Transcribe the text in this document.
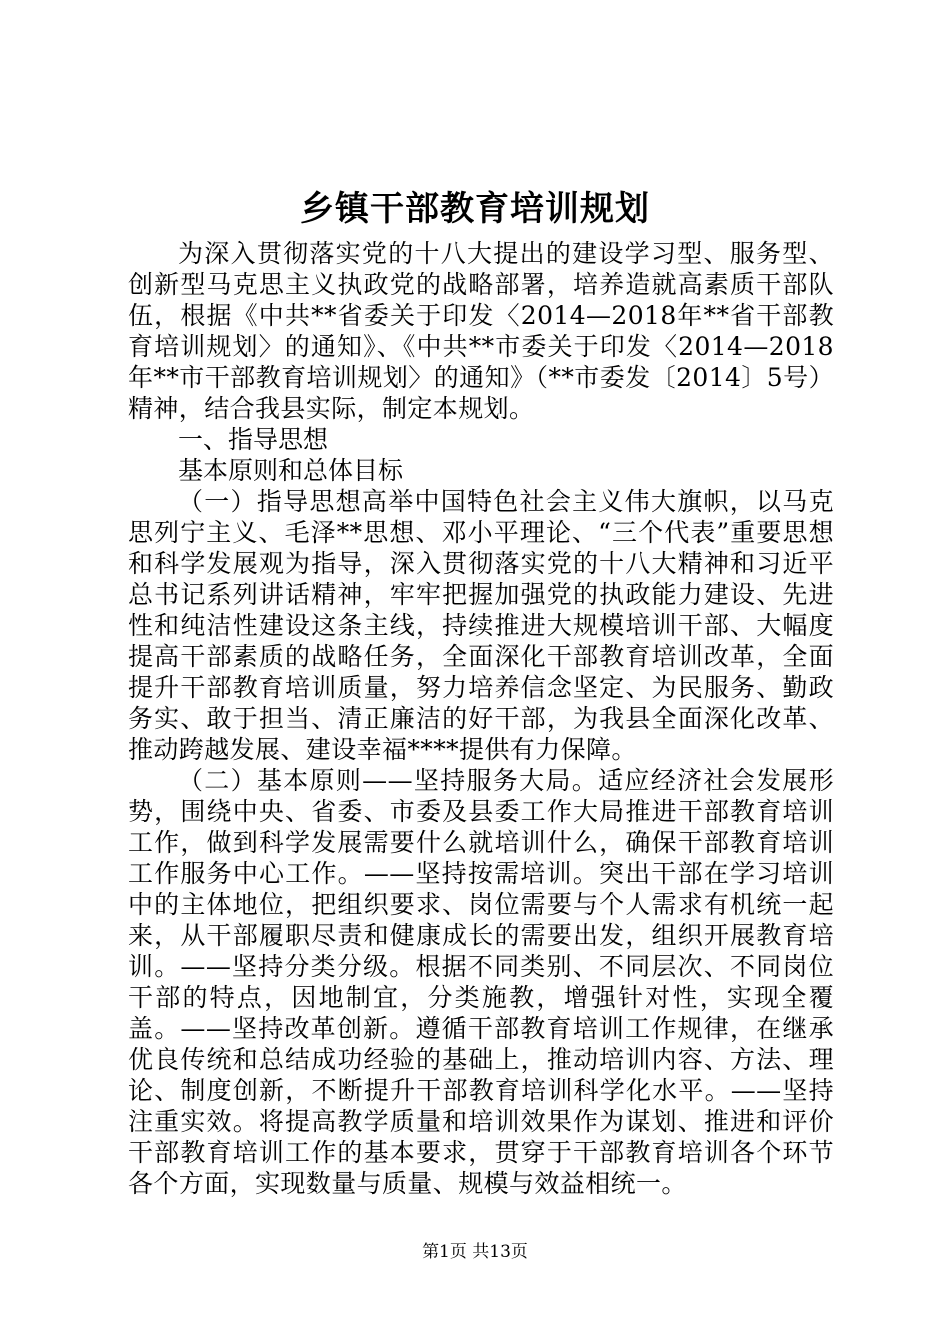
乡镇干部教育培训规划

为深入贯彻落实党的十八大提出的建设学习型、服务型、创新型马克思主义执政党的战略部署，培养造就高素质干部队伍，根据《中共**省委关于印发〈2014—2018年**省干部教育培训规划〉的通知》、《中共**市委关于印发〈2014—2018年**市干部教育培训规划〉的通知》（**市委发〔2014〕5号）精神，结合我县实际，制定本规划。

一、指导思想

基本原则和总体目标

（一）指导思想高举中国特色社会主义伟大旗帜，以马克思列宁主义、毛泽**思想、邓小平理论、“三个代表”重要思想和科学发展观为指导，深入贯彻落实党的十八大精神和习近平总书记系列讲话精神，牢牢把握加强党的执政能力建设、先进性和纯洁性建设这条主线，持续推进大规模培训干部、大幅度提高干部素质的战略任务，全面深化干部教育培训改革，全面提升干部教育培训质量，努力培养信念坚定、为民服务、勤政务实、敢于担当、清正廉洁的好干部，为我县全面深化改革、推动跨越发展、建设幸福****提供有力保障。

（二）基本原则——坚持服务大局。适应经济社会发展形势，围绕中央、省委、市委及县委工作大局推进干部教育培训工作，做到科学发展需要什么就培训什么，确保干部教育培训工作服务中心工作。——坚持按需培训。突出干部在学习培训中的主体地位，把组织要求、岗位需要与个人需求有机统一起来，从干部履职尽责和健康成长的需要出发，组织开展教育培训。——坚持分类分级。根据不同类别、不同层次、不同岗位干部的特点，因地制宜，分类施教，增强针对性，实现全覆盖。——坚持改革创新。遵循干部教育培训工作规律，在继承优良传统和总结成功经验的基础上，推动培训内容、方法、理论、制度创新，不断提升干部教育培训科学化水平。——坚持注重实效。将提高教学质量和培训效果作为谋划、推进和评价干部教育培训工作的基本要求，贯穿于干部教育培训各个环节各个方面，实现数量与质量、规模与效益相统一。

第1页 共13页
